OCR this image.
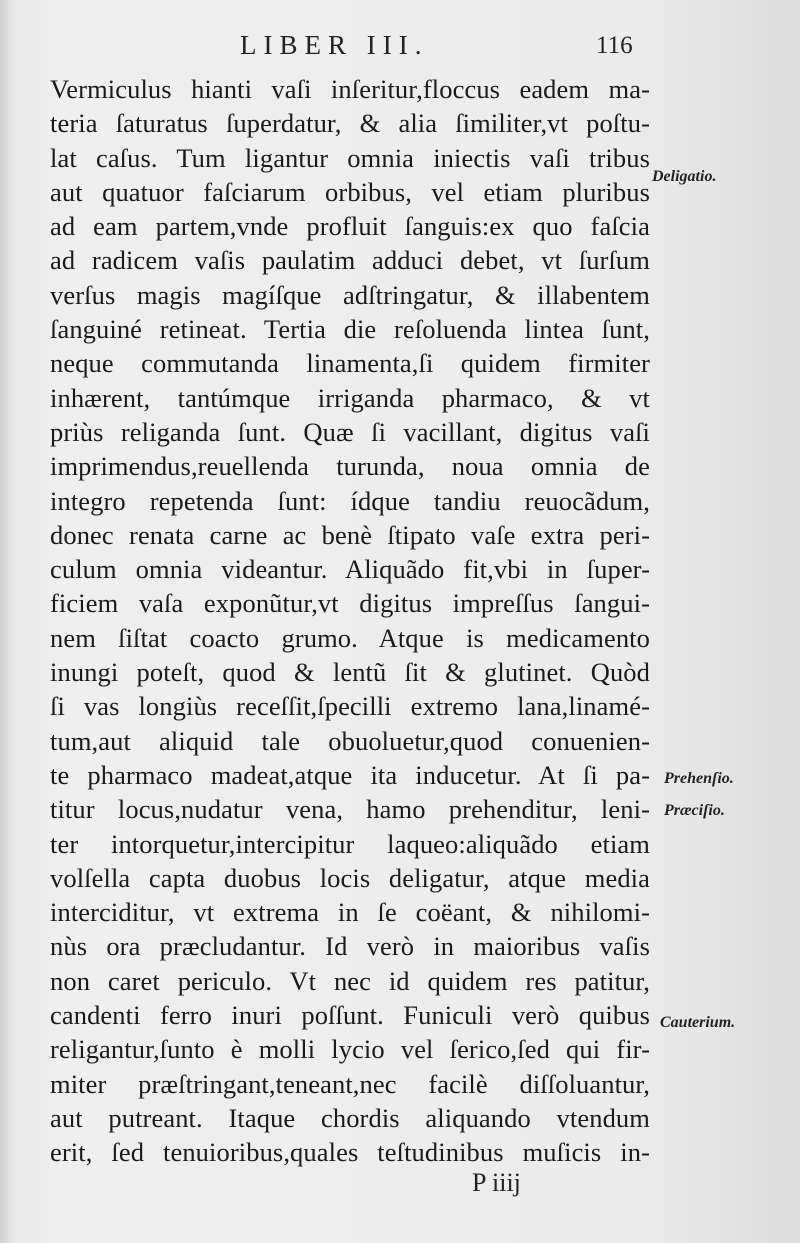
LIBER III.	116
Vermiculus hianti vaſi inſeritur,floccus eadem ma-
teria ſaturatus ſuperdatur, & alia ſimiliter,vt poſtu-
lat caſus. Tum ligantur omnia iniectis vaſi tribus
aut quatuor faſciarum orbibus, vel etiam pluribus
ad eam partem,vnde profluit ſanguis:ex quo faſcia
ad radicem vaſis paulatim adduci debet, vt ſurſum
verſus magis magíſque adſtringatur, & illabentem
ſanguiné retineat. Tertia die reſoluenda lintea ſunt,
neque commutanda linamenta,ſi quidem firmiter
inhærent, tantúmque irriganda pharmaco, & vt
priùs religanda ſunt. Quæ ſi vacillant, digitus vaſi
imprimendus,reuellenda turunda, noua omnia de
integro repetenda ſunt: ídque tandiu reuocãdum,
donec renata carne ac benè ſtipato vaſe extra peri-
culum omnia videantur. Aliquãdo fit,vbi in ſuper-
ficiem vaſa exponũtur,vt digitus impreſſus ſangui-
nem ſiſtat coacto grumo. Atque is medicamento
inungi poteſt, quod & lentũ ſit & glutinet. Quòd
ſi vas longiùs receſſit,ſpecilli extremo lana,linamé-
tum,aut aliquid tale obuoluetur,quod conuenien-
te pharmaco madeat,atque ita inducetur. At ſi pa-
titur locus,nudatur vena, hamo prehenditur, leni-
ter intorquetur,intercipitur laqueo:aliquãdo etiam
volſella capta duobus locis deligatur, atque media
interciditur, vt extrema in ſe coëant, & nihilomi-
nùs ora præcludantur. Id verò in maioribus vaſis
non caret periculo. Vt nec id quidem res patitur,
candenti ferro inuri poſſunt. Funiculi verò quibus
religantur,ſunto è molli lycio vel ſerico,ſed qui fir-
miter præſtringant,teneant,nec facilè diſſoluantur,
aut putreant. Itaque chordis aliquando vtendum
erit, ſed tenuioribus,quales teſtudinibus muſicis in-
Deligatio.
Prehenſio.
Præciſio.
Cauterium.
P iiij
